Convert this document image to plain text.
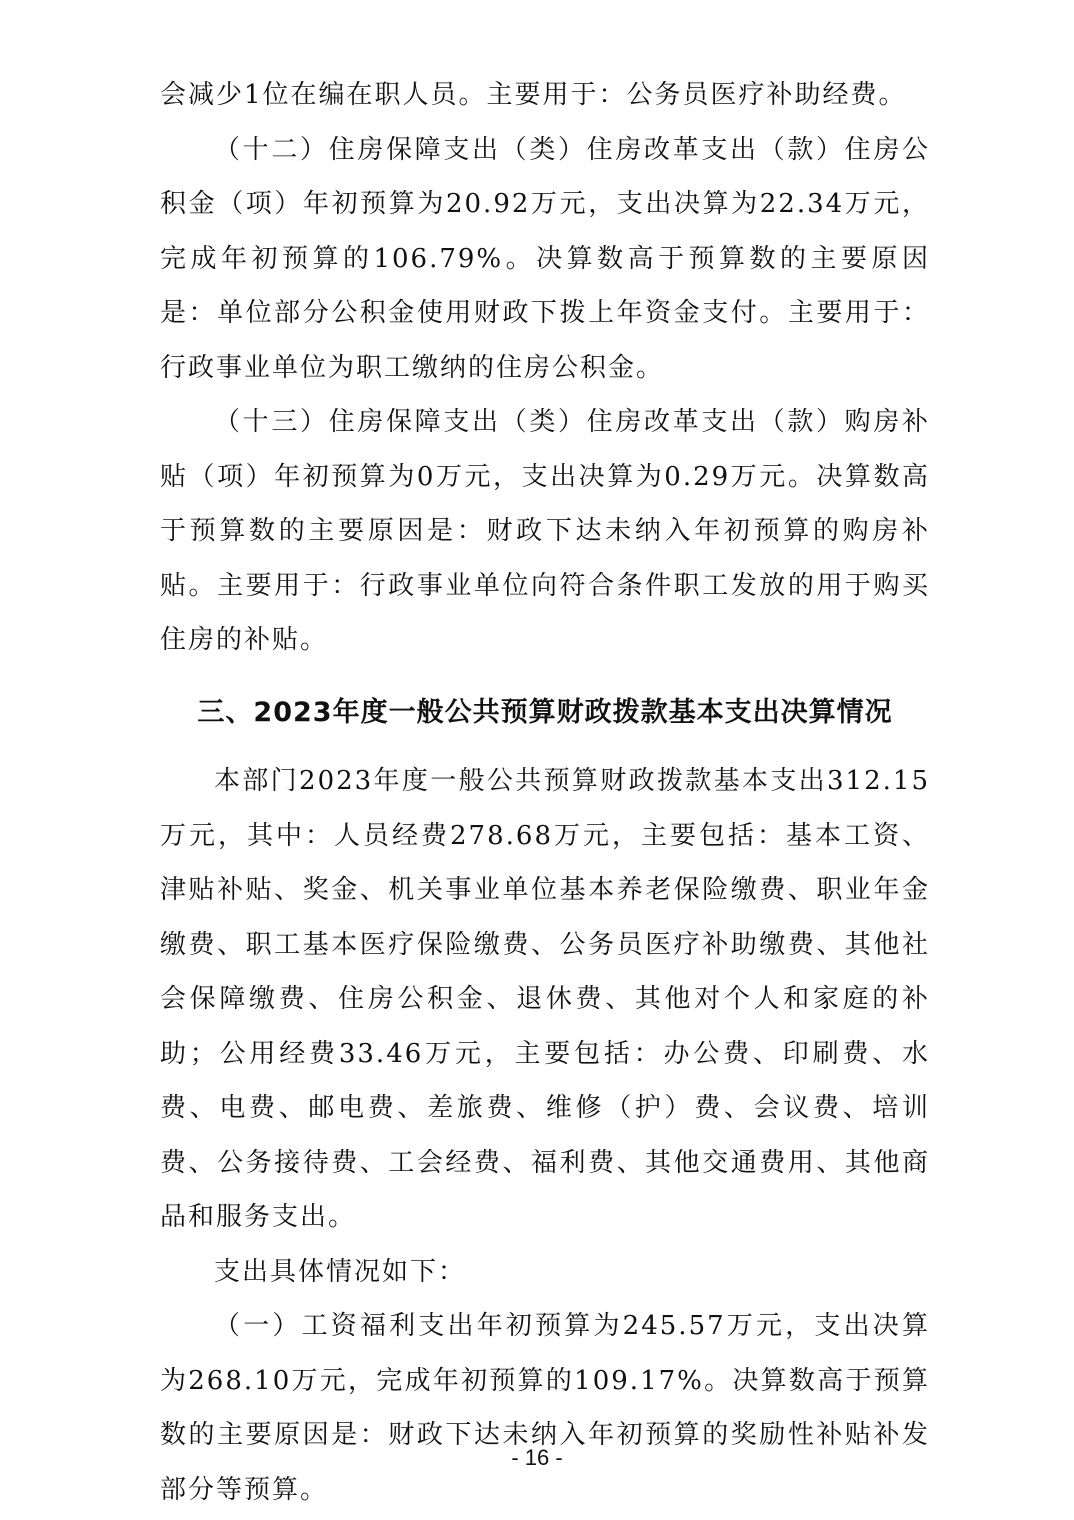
会减少1位在编在职人员。主要用于：公务员医疗补助经费。

（十二）住房保障支出（类）住房改革支出（款）住房公积金（项）年初预算为20.92万元，支出决算为22.34万元，完成年初预算的106.79%。决算数高于预算数的主要原因是：单位部分公积金使用财政下拨上年资金支付。主要用于：行政事业单位为职工缴纳的住房公积金。

（十三）住房保障支出（类）住房改革支出（款）购房补贴（项）年初预算为0万元，支出决算为0.29万元。决算数高于预算数的主要原因是：财政下达未纳入年初预算的购房补贴。主要用于：行政事业单位向符合条件职工发放的用于购买住房的补贴。

三、2023年度一般公共预算财政拨款基本支出决算情况

本部门2023年度一般公共预算财政拨款基本支出312.15万元，其中：人员经费278.68万元，主要包括：基本工资、津贴补贴、奖金、机关事业单位基本养老保险缴费、职业年金缴费、职工基本医疗保险缴费、公务员医疗补助缴费、其他社会保障缴费、住房公积金、退休费、其他对个人和家庭的补助；公用经费33.46万元，主要包括：办公费、印刷费、水费、电费、邮电费、差旅费、维修（护）费、会议费、培训费、公务接待费、工会经费、福利费、其他交通费用、其他商品和服务支出。

支出具体情况如下：

（一）工资福利支出年初预算为245.57万元，支出决算为268.10万元，完成年初预算的109.17%。决算数高于预算数的主要原因是：财政下达未纳入年初预算的奖励性补贴补发部分等预算。

- 16 -
